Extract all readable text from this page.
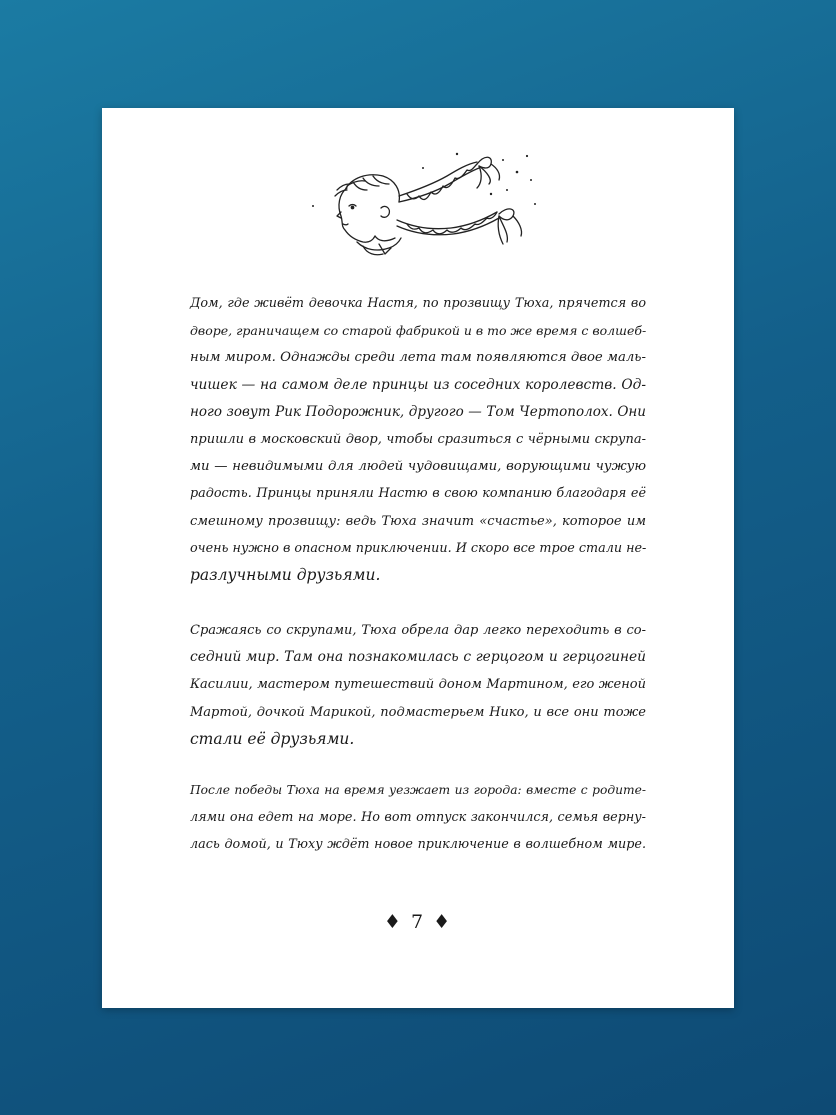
Дом, где живёт девочка Настя, по прозвищу Тюха, прячется во
дворе, граничащем со старой фабрикой и в то же время с волшеб-
ным миром. Однажды среди лета там появляются двое маль-
чишек — на самом деле принцы из соседних королевств. Од-
ного зовут Рик Подорожник, другого — Том Чертополох. Они
пришли в московский двор, чтобы сразиться с чёрными скрупа-
ми — невидимыми для людей чудовищами, ворующими чужую
радость. Принцы приняли Настю в свою компанию благодаря её
смешному прозвищу: ведь Тюха значит «счастье», которое им
очень нужно в опасном приключении. И скоро все трое стали не-
разлучными друзьями.
Сражаясь со скрупами, Тюха обрела дар легко переходить в со-
седний мир. Там она познакомилась с герцогом и герцогиней
Касилии, мастером путешествий доном Мартином, его женой
Мартой, дочкой Марикой, подмастерьем Нико, и все они тоже
стали её друзьями.
После победы Тюха на время уезжает из города: вместе с родите-
лями она едет на море. Но вот отпуск закончился, семья верну-
лась домой, и Тюху ждёт новое приключение в волшебном мире.
♦ 7 ♦
